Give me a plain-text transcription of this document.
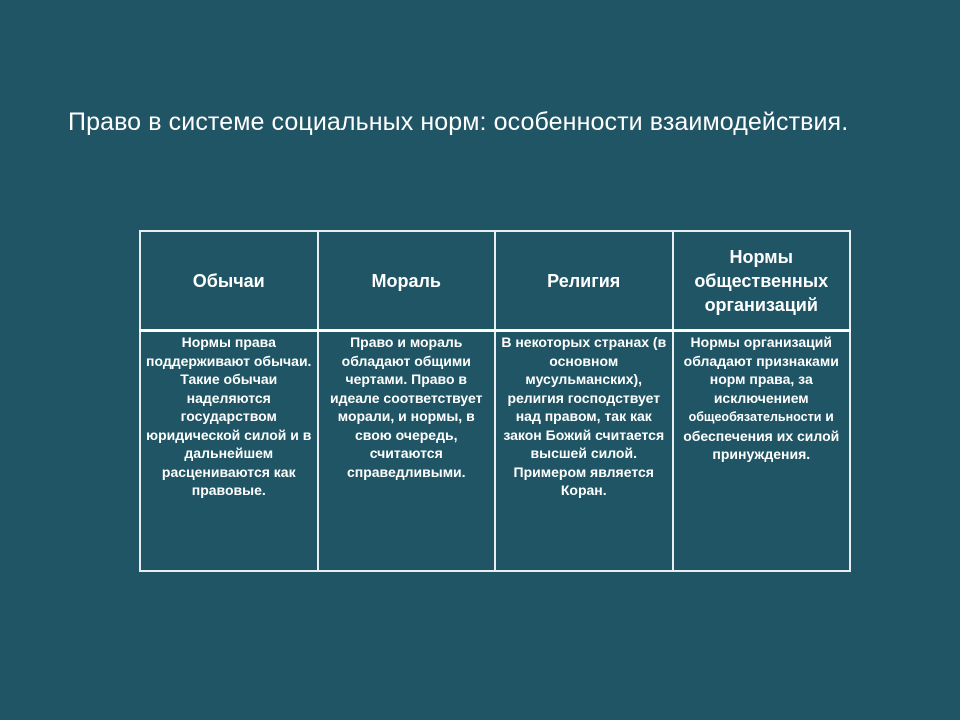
Право в системе социальных норм: особенности взаимодействия.
Обычаи	Мораль	Религия	Нормы общественных организаций
Нормы права поддерживают обычаи. Такие обычаи наделяются государством юридической силой и в дальнейшем расцениваются как правовые.	Право и мораль обладают общими чертами. Право в идеале соответствует морали, и нормы, в свою очередь, считаются справедливыми.	В некоторых странах (в основном мусульманских), религия господствует над правом, так как закон Божий считается высшей силой. Примером является Коран.	Нормы организаций обладают признаками норм права, за исключением общеобязательности и обеспечения их силой принуждения.
